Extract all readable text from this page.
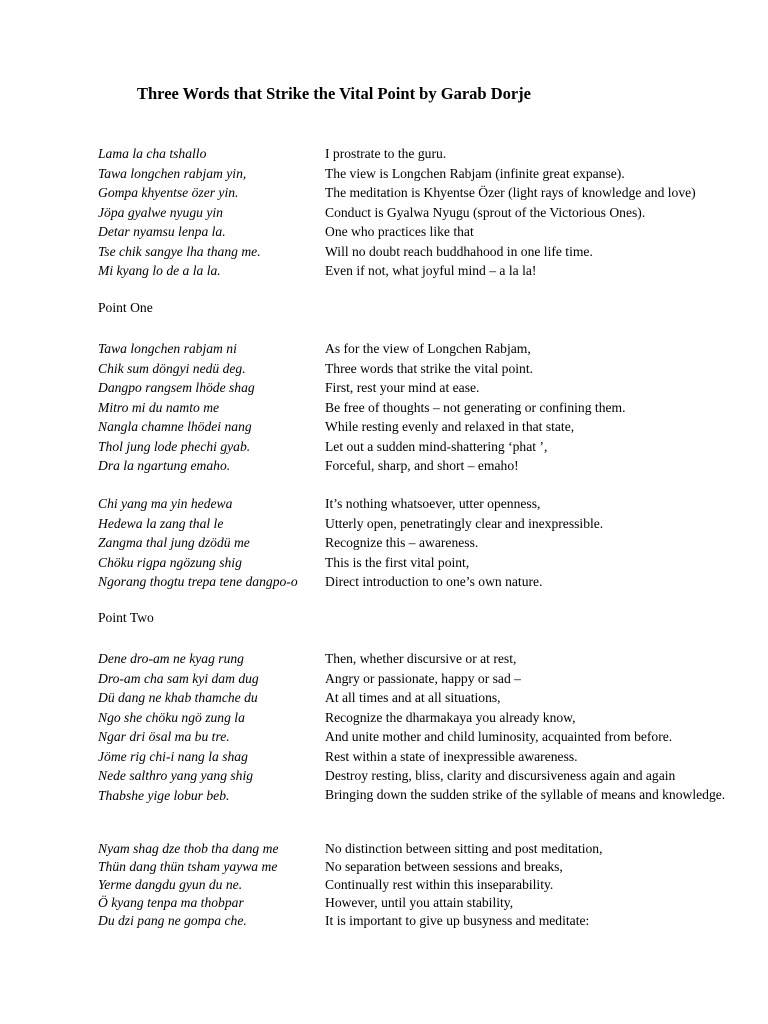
Three Words that Strike the Vital Point by Garab Dorje
Lama la cha tshallo	I prostrate to the guru.
Tawa longchen rabjam yin,	The view is Longchen Rabjam (infinite great expanse).
Gompa khyentse özer yin.	The meditation is Khyentse Özer (light rays of knowledge and love)
Jöpa gyalwe nyugu yin	Conduct is Gyalwa Nyugu (sprout of the Victorious Ones).
Detar nyamsu lenpa la.	One who practices like that
Tse chik sangye lha thang me.	Will no doubt reach buddhahood in one life time.
Mi kyang lo de a la la.	Even if not, what joyful mind – a la la!
Point One
Tawa longchen rabjam ni	As for the view of Longchen Rabjam,
Chik sum döngyi nedü deg.	Three words that strike the vital point.
Dangpo rangsem lhöde shag	First, rest your mind at ease.
Mitro mi du namto me	Be free of thoughts – not generating or confining them.
Nangla chamne lhödei nang	While resting evenly and relaxed in that state,
Thol jung lode phechi gyab.	Let out a sudden mind-shattering ‘phat ’,
Dra la ngartung emaho.	Forceful, sharp, and short – emaho!
Chi yang ma yin hedewa	It’s nothing whatsoever, utter openness,
Hedewa la zang thal le	Utterly open, penetratingly clear and inexpressible.
Zangma thal jung dzödü me	Recognize this – awareness.
Chöku rigpa ngözung shig	This is the first vital point,
Ngorang thogtu trepa tene dangpo-o Direct introduction to one’s own nature.
Point Two
Dene dro-am ne kyag rung	Then, whether discursive or at rest,
Dro-am cha sam kyi dam dug	Angry or passionate, happy or sad –
Dü dang ne khab thamche du	At all times and at all situations,
Ngo she chöku ngö zung la	Recognize the dharmakaya you already know,
Ngar dri ösal ma bu tre.	And unite mother and child luminosity, acquainted from before.
Jöme rig chi-i nang la shag	Rest within a state of inexpressible awareness.
Nede salthro yang yang shig	Destroy resting, bliss, clarity and discursiveness again and again
Thabshe yige lobur beb.	Bringing down the sudden strike of the syllable of means and knowledge.
Nyam shag dze thob tha dang me	No distinction between sitting and post meditation,
Thün dang thün tsham yaywa me	No separation between sessions and breaks,
Yerme dangdu gyun du ne.	Continually rest within this inseparability.
Ö kyang tenpa ma thobpar	However, until you attain stability,
Du dzi pang ne gompa che.	It is important to give up busyness and meditate:
